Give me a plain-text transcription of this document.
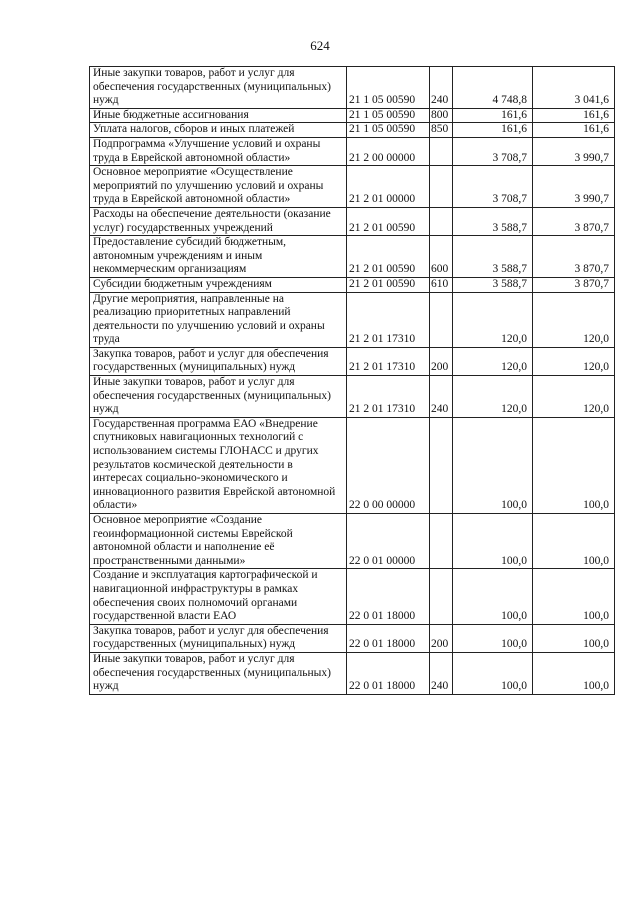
624
Иные закупки товаров, работ и услуг для обеспечения государственных (муниципальных) нужд	21 1 05 00590	240	4 748,8	3 041,6
Иные бюджетные ассигнования	21 1 05 00590	800	161,6	161,6
Уплата налогов, сборов и иных платежей	21 1 05 00590	850	161,6	161,6
Подпрограмма «Улучшение условий и охраны труда в Еврейской автономной области»	21 2 00 00000		3 708,7	3 990,7
Основное мероприятие «Осуществление мероприятий по улучшению условий и охраны труда в Еврейской автономной области»	21 2 01 00000		3 708,7	3 990,7
Расходы на обеспечение деятельности (оказание услуг) государственных учреждений	21 2 01 00590		3 588,7	3 870,7
Предоставление субсидий бюджетным, автономным учреждениям и иным некоммерческим организациям	21 2 01 00590	600	3 588,7	3 870,7
Субсидии бюджетным учреждениям	21 2 01 00590	610	3 588,7	3 870,7
Другие мероприятия, направленные на реализацию приоритетных направлений деятельности по улучшению условий и охраны труда	21 2 01 17310		120,0	120,0
Закупка товаров, работ и услуг для обеспечения государственных (муниципальных) нужд	21 2 01 17310	200	120,0	120,0
Иные закупки товаров, работ и услуг для обеспечения государственных (муниципальных) нужд	21 2 01 17310	240	120,0	120,0
Государственная программа ЕАО «Внедрение спутниковых навигационных технологий с использованием системы ГЛОНАСС и других результатов космической деятельности в интересах социально-экономического и инновационного развития Еврейской автономной области»	22 0 00 00000		100,0	100,0
Основное мероприятие «Создание геоинформационной системы Еврейской автономной области и наполнение её пространственными данными»	22 0 01 00000		100,0	100,0
Создание и эксплуатация картографической и навигационной инфраструктуры в рамках обеспечения своих полномочий органами государственной власти ЕАО	22 0 01 18000		100,0	100,0
Закупка товаров, работ и услуг для обеспечения государственных (муниципальных) нужд	22 0 01 18000	200	100,0	100,0
Иные закупки товаров, работ и услуг для обеспечения государственных (муниципальных) нужд	22 0 01 18000	240	100,0	100,0
